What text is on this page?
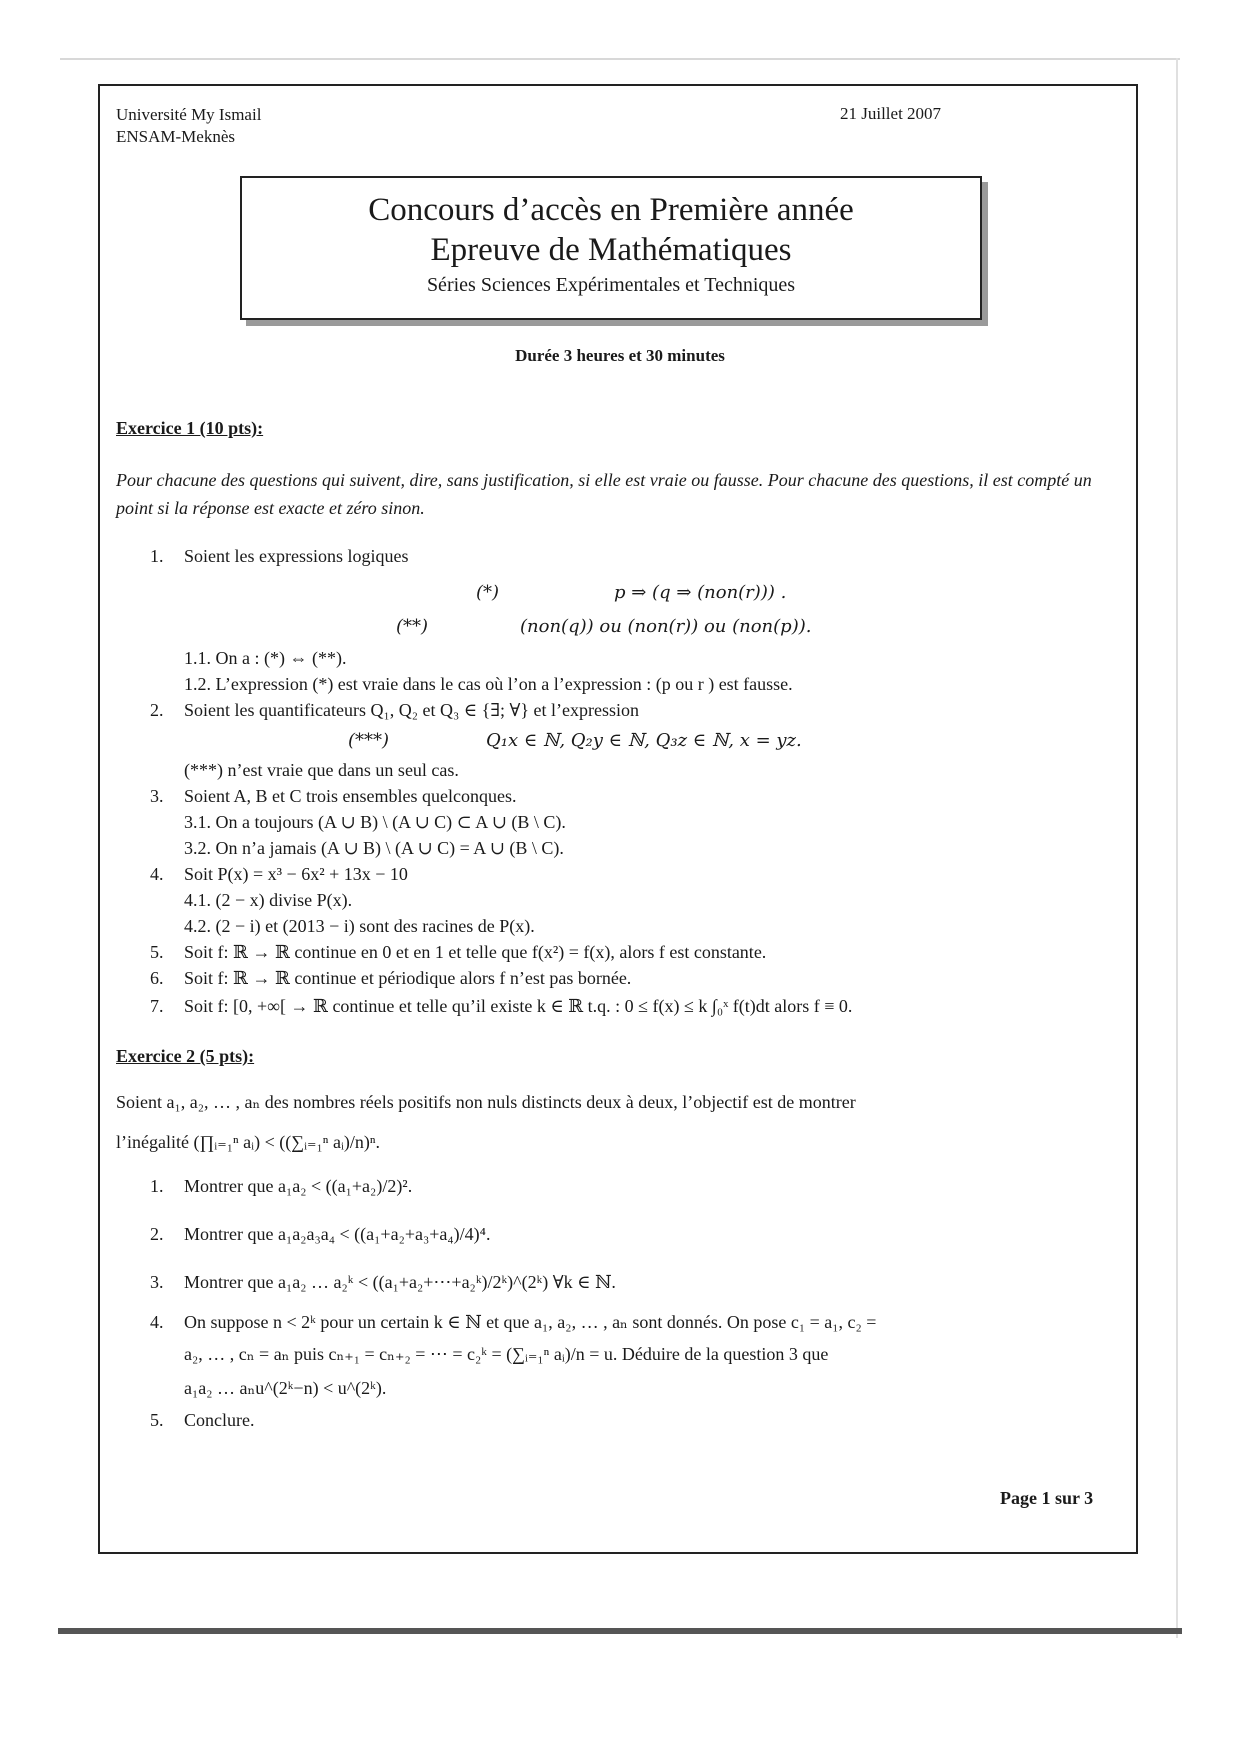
Université My Ismail
ENSAM-Meknès
21 Juillet 2007
Concours d’accès en Première année
Epreuve de Mathématiques
Séries Sciences Expérimentales et Techniques
Durée 3 heures et 30 minutes
Exercice 1 (10 pts):
Pour chacune des questions qui suivent, dire, sans justification, si elle est vraie ou fausse. Pour chacune des questions, il est compté un point si la réponse est exacte et zéro sinon.
1. Soient les expressions logiques
(*)	p ⇒ (q ⇒ (non(r))) .
(**)	(non(q)) ou (non(r)) ou (non(p)).
1.1. On a : (*) ⇔ (**).
1.2. L’expression (*) est vraie dans le cas où l’on a l’expression : (p ou r ) est fausse.
2. Soient les quantificateurs Q₁, Q₂ et Q₃ ∈ {∃; ∀} et l’expression
(***)	Q₁x ∈ ℕ, Q₂y ∈ ℕ, Q₃z ∈ ℕ, x = yz.
(***) n’est vraie que dans un seul cas.
3. Soient A, B et C trois ensembles quelconques.
3.1. On a toujours (A ∪ B) \ (A ∪ C) ⊂ A ∪ (B \ C).
3.2. On n’a jamais (A ∪ B) \ (A ∪ C) = A ∪ (B \ C).
4. Soit P(x) = x³ − 6x² + 13x − 10
4.1. (2 − x) divise P(x).
4.2. (2 − i) et (2013 − i) sont des racines de P(x).
5. Soit f: ℝ → ℝ continue en 0 et en 1 et telle que f(x²) = f(x), alors f est constante.
6. Soit f: ℝ → ℝ continue et périodique alors f n’est pas bornée.
7. Soit f: [0, +∞[ → ℝ continue et telle qu’il existe k ∈ ℝ t.q. : 0 ≤ f(x) ≤ k ∫₀ˣ f(t)dt alors f ≡ 0.
Exercice 2 (5 pts):
Soient a₁, a₂, … , aₙ des nombres réels positifs non nuls distincts deux à deux, l’objectif est de montrer
l’inégalité (∏ᵢ₌₁ⁿ aᵢ) < ((∑ᵢ₌₁ⁿ aᵢ)/n)ⁿ.
1. Montrer que a₁a₂ < ((a₁+a₂)/2)².
2. Montrer que a₁a₂a₃a₄ < ((a₁+a₂+a₃+a₄)/4)⁴.
3. Montrer que a₁a₂ … a₂ᵏ < ((a₁+a₂+⋯+a₂ᵏ)/2ᵏ)^(2ᵏ) ∀k ∈ ℕ.
4. On suppose n < 2ᵏ pour un certain k ∈ ℕ et que a₁, a₂, … , aₙ sont donnés. On pose c₁ = a₁, c₂ =
a₂, … , cₙ = aₙ puis cₙ₊₁ = cₙ₊₂ = ⋯ = c₂ᵏ = (∑ᵢ₌₁ⁿ aᵢ)/n = u. Déduire de la question 3 que
a₁a₂ … aₙu^(2ᵏ−n) < u^(2ᵏ).
5. Conclure.
Page 1 sur 3
